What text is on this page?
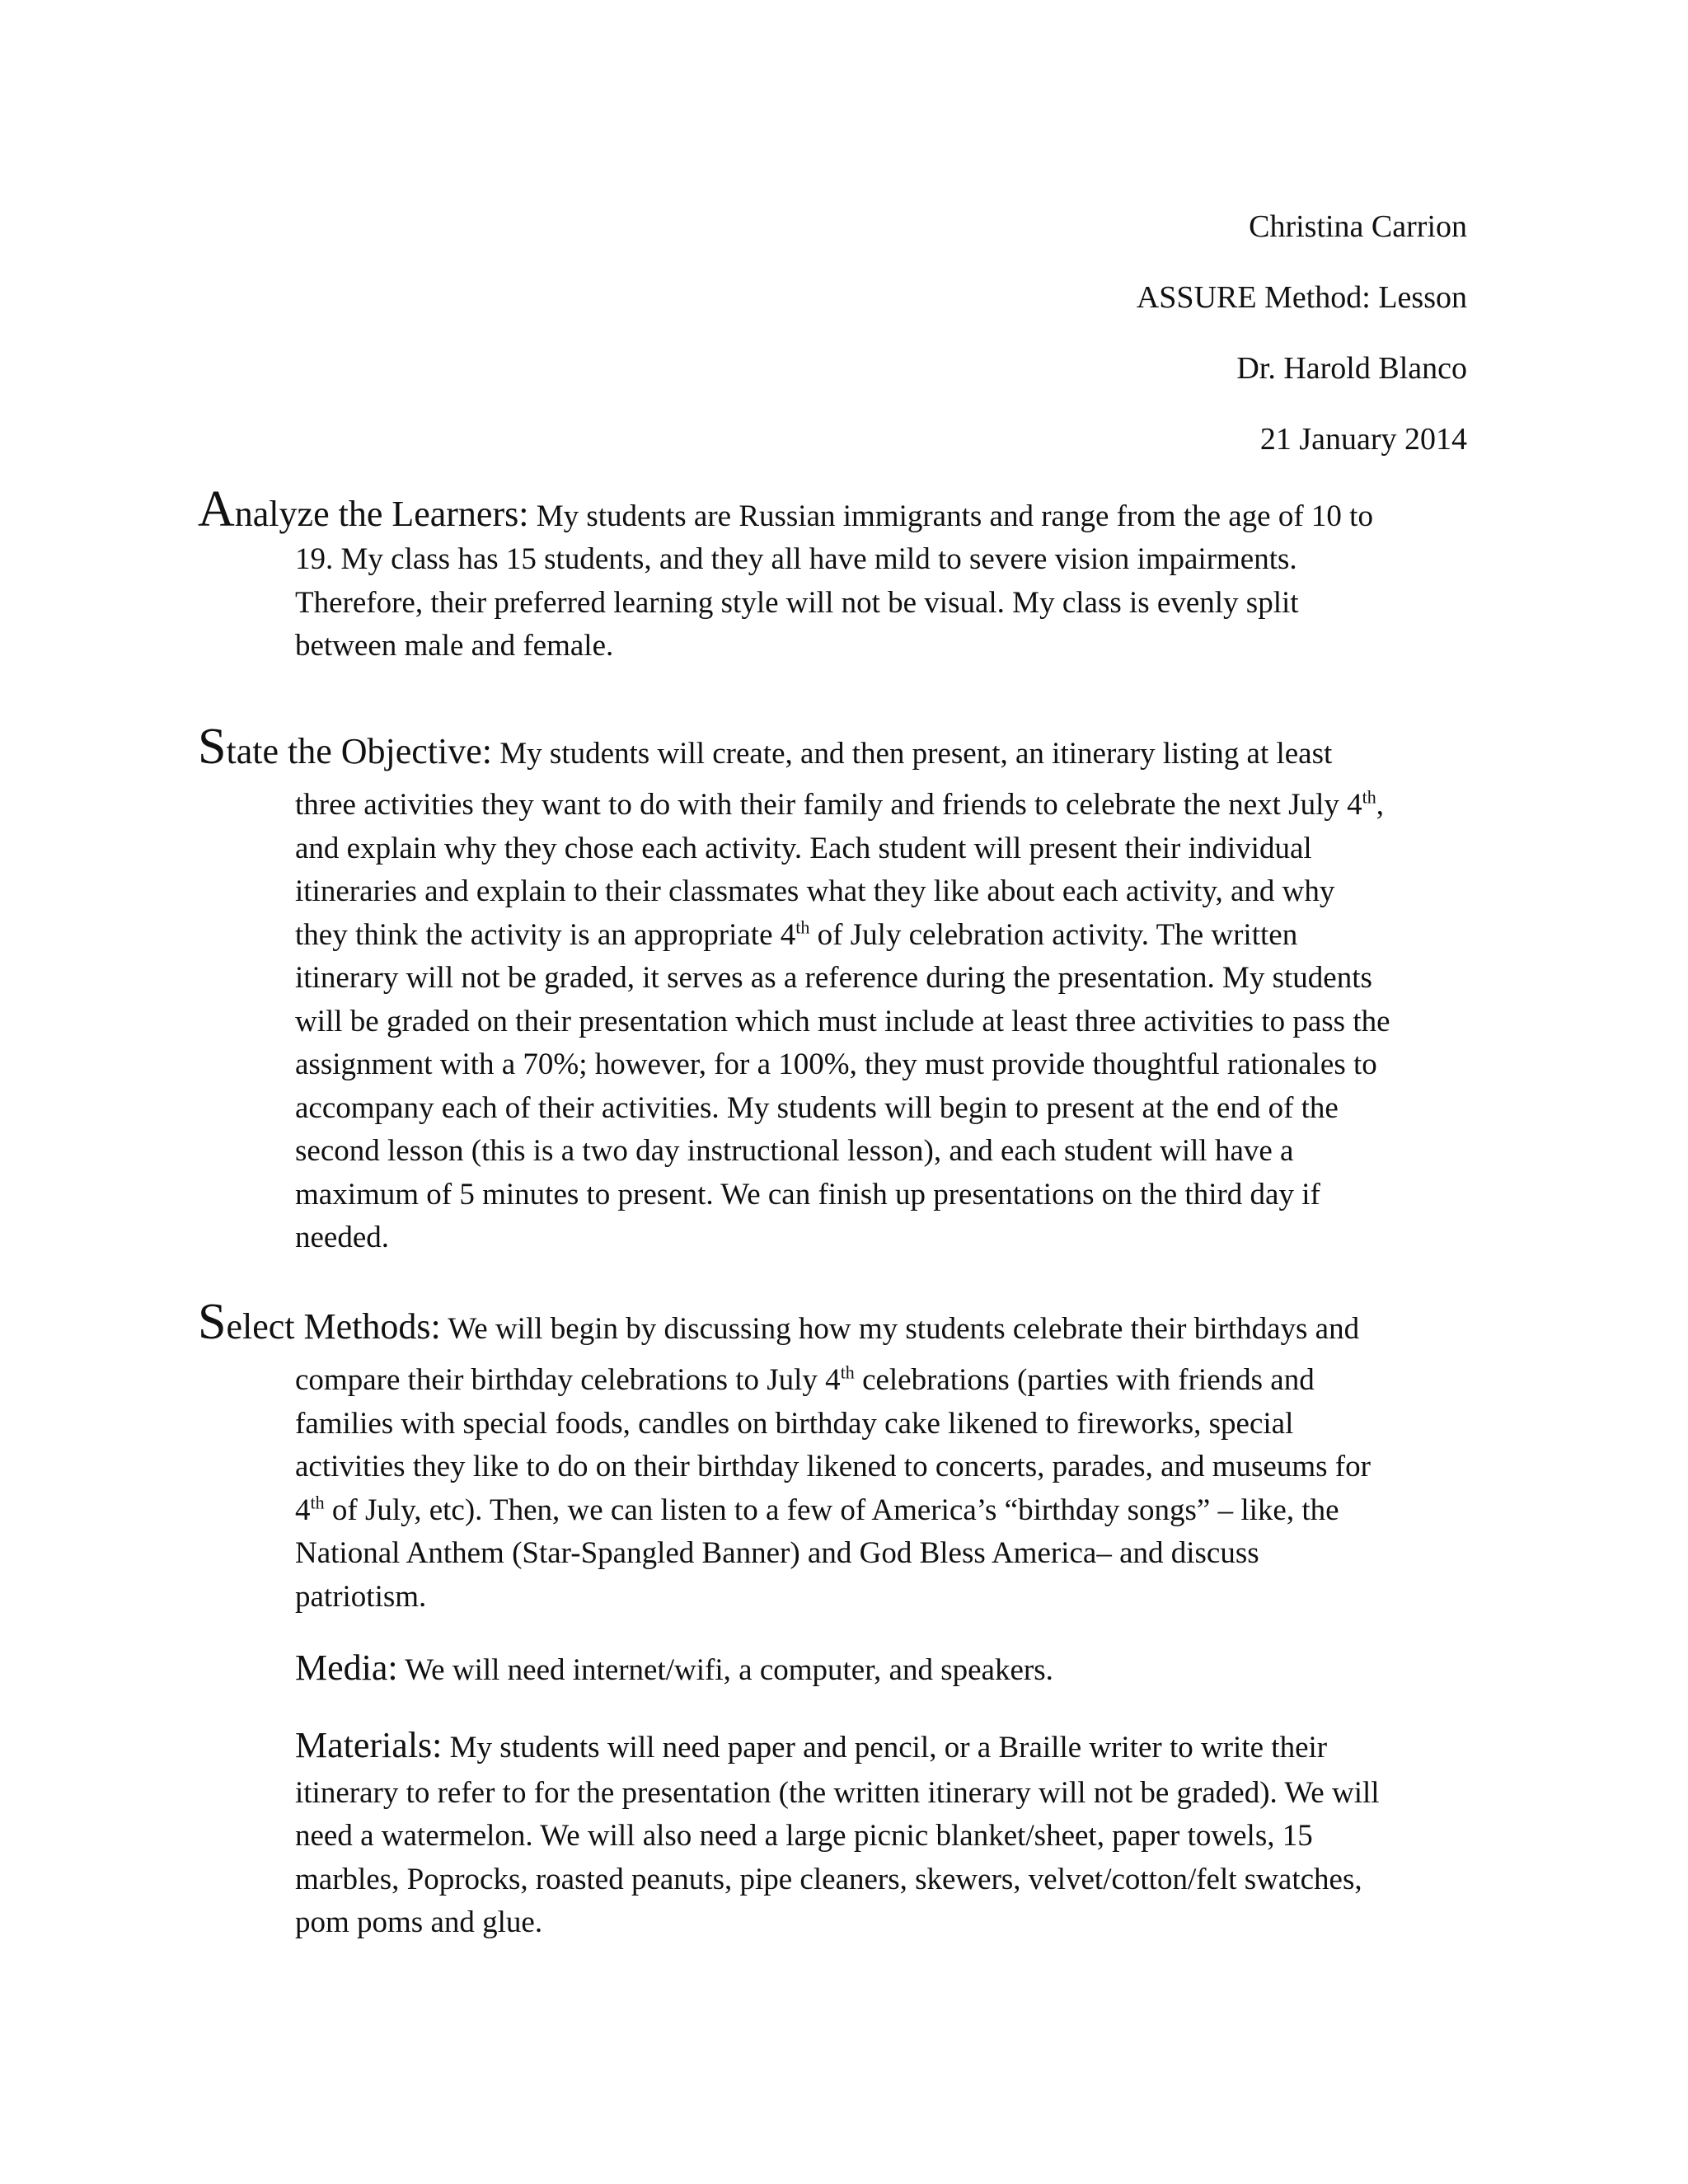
Christina Carrion
ASSURE Method: Lesson
Dr. Harold Blanco
21 January 2014
Analyze the Learners: My students are Russian immigrants and range from the age of 10 to
19. My class has 15 students, and they all have mild to severe vision impairments.
Therefore, their preferred learning style will not be visual. My class is evenly split
between male and female.
State the Objective: My students will create, and then present, an itinerary listing at least
three activities they want to do with their family and friends to celebrate the next July 4th,
and explain why they chose each activity. Each student will present their individual
itineraries and explain to their classmates what they like about each activity, and why
they think the activity is an appropriate 4th of July celebration activity. The written
itinerary will not be graded, it serves as a reference during the presentation. My students
will be graded on their presentation which must include at least three activities to pass the
assignment with a 70%; however, for a 100%, they must provide thoughtful rationales to
accompany each of their activities. My students will begin to present at the end of the
second lesson (this is a two day instructional lesson), and each student will have a
maximum of 5 minutes to present. We can finish up presentations on the third day if
needed.
Select Methods: We will begin by discussing how my students celebrate their birthdays and
compare their birthday celebrations to July 4th celebrations (parties with friends and
families with special foods, candles on birthday cake likened to fireworks, special
activities they like to do on their birthday likened to concerts, parades, and museums for
4th of July, etc). Then, we can listen to a few of America’s “birthday songs” – like, the
National Anthem (Star-Spangled Banner) and God Bless America– and discuss
patriotism.
Media: We will need internet/wifi, a computer, and speakers.
Materials: My students will need paper and pencil, or a Braille writer to write their
itinerary to refer to for the presentation (the written itinerary will not be graded). We will
need a watermelon. We will also need a large picnic blanket/sheet, paper towels, 15
marbles, Poprocks, roasted peanuts, pipe cleaners, skewers, velvet/cotton/felt swatches,
pom poms and glue.
